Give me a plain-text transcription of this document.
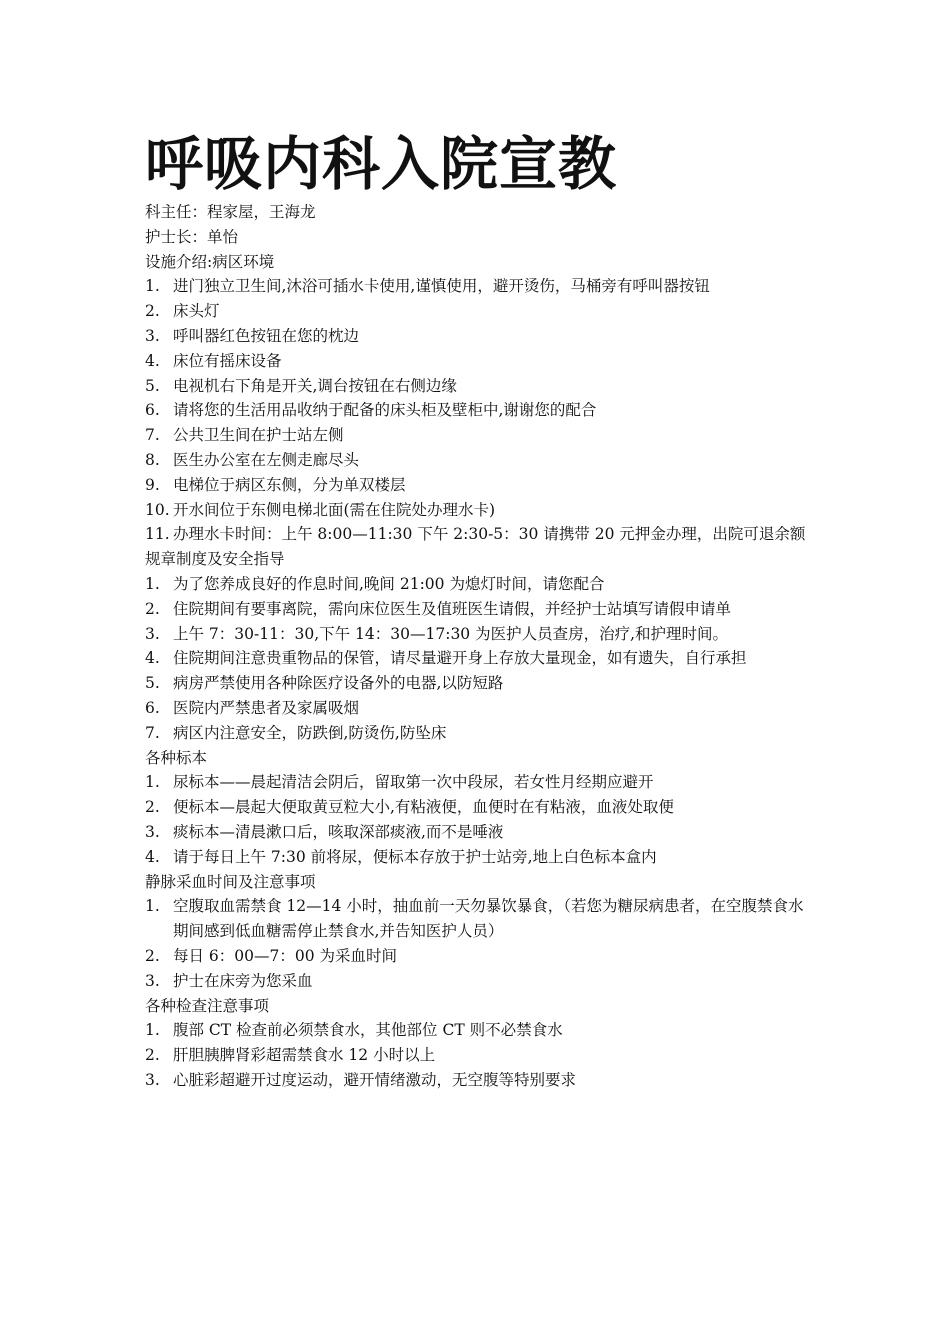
呼吸内科入院宣教

科主任：程家屋，王海龙

护士长：单怡

设施介绍:病区环境

1. 进门独立卫生间,沐浴可插水卡使用,谨慎使用，避开烫伤，马桶旁有呼叫器按钮
2. 床头灯
3. 呼叫器红色按钮在您的枕边
4. 床位有摇床设备
5. 电视机右下角是开关,调台按钮在右侧边缘
6. 请将您的生活用品收纳于配备的床头柜及壁柜中,谢谢您的配合
7. 公共卫生间在护士站左侧
8. 医生办公室在左侧走廊尽头
9. 电梯位于病区东侧，分为单双楼层
10. 开水间位于东侧电梯北面(需在住院处办理水卡)
11. 办理水卡时间：上午 8:00—11:30 下午 2:30-5：30 请携带 20 元押金办理，出院可退余额

规章制度及安全指导

1. 为了您养成良好的作息时间,晚间 21:00 为熄灯时间，请您配合
2. 住院期间有要事离院，需向床位医生及值班医生请假，并经护士站填写请假申请单
3. 上午 7：30-11：30,下午 14：30—17:30 为医护人员查房，治疗,和护理时间。
4. 住院期间注意贵重物品的保管，请尽量避开身上存放大量现金，如有遗失，自行承担
5. 病房严禁使用各种除医疗设备外的电器,以防短路
6. 医院内严禁患者及家属吸烟
7. 病区内注意安全，防跌倒,防烫伤,防坠床

各种标本

1. 尿标本——晨起清洁会阴后，留取第一次中段尿，若女性月经期应避开
2. 便标本—晨起大便取黄豆粒大小,有粘液便，血便时在有粘液，血液处取便
3. 痰标本—清晨漱口后，咳取深部痰液,而不是唾液
4. 请于每日上午 7:30 前将尿，便标本存放于护士站旁,地上白色标本盒内

静脉采血时间及注意事项

1. 空腹取血需禁食 12—14 小时，抽血前一天勿暴饮暴食，（若您为糖尿病患者，在空腹禁食水期间感到低血糖需停止禁食水,并告知医护人员）
2. 每日 6：00—7：00 为采血时间
3. 护士在床旁为您采血

各种检查注意事项

1. 腹部 CT 检查前必须禁食水，其他部位 CT 则不必禁食水
2. 肝胆胰脾肾彩超需禁食水 12 小时以上
3. 心脏彩超避开过度运动，避开情绪激动，无空腹等特别要求
